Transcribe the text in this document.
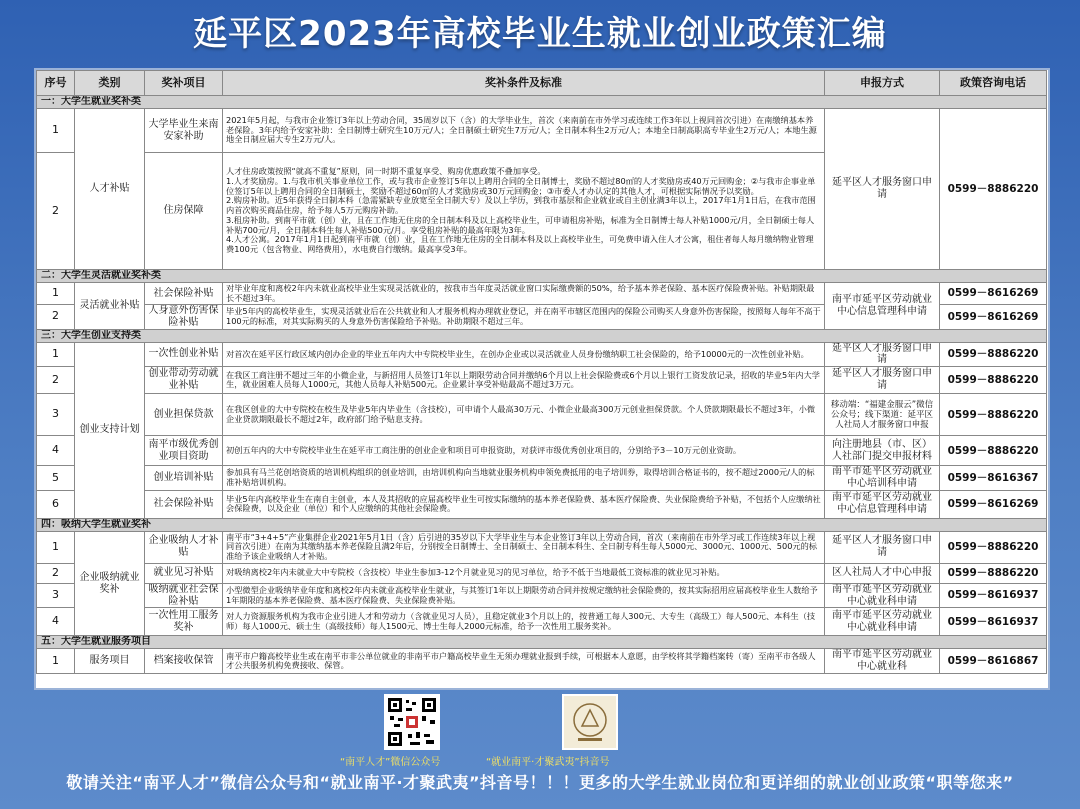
延平区2023年高校毕业生就业创业政策汇编
序号	类别	奖补项目	奖补条件及标准	申报方式	政策咨询电话
一：大学生就业奖补类					
1	人才补贴	大学毕业生来南安家补助	2021年5月起，与我市企业签订3年以上劳动合同，35周岁以下（含）的大学毕业生，首次（来南前在市外学习或连续工作3年以上视同首次引进）在南缴纳基本养老保险。3年内给予安家补助：全日制博士研究生10万元/人；全日制硕士研究生7万元/人；全日制本科生2万元/人；本地全日制高职高专毕业生2万元/人；本地生源地全日制应届大专生2万元/人。	延平区人才服务窗口申请	0599－8886220
2		住房保障	人才住房政策按照“就高不重复”原则，同一时期不重复享受、购房优惠政策不叠加享受。
1.人才奖励房。1.与我市机关事业单位工作，或与我市企业签订5年以上聘用合同的全日制博士，奖励不超过80㎡的人才奖励房或40万元回购金；②与我市企事业单位签订5年以上聘用合同的全日制硕士，奖励不超过60㎡的人才奖励房或30万元回购金；③市委人才办认定的其他人才，可根据实际情况予以奖励。
2.购房补助。近5年获得全日制本科（急需紧缺专业放宽至全日制大专）及以上学历，到我市基层和企业就业或自主创业满3年以上，2017年1月1日后，在我市范围内首次购买商品住房，给予每人5万元购房补助。
3.租房补助。到南平市就（创）业，且在工作地无住房的全日制本科及以上高校毕业生，可申请租房补贴，标准为全日制博士每人补贴1000元/月，全日制硕士每人补贴700元/月，全日制本科生每人补贴500元/月。享受租房补贴的最高年限为3年。
4.人才公寓。2017年1月1日起到南平市就（创）业，且在工作地无住房的全日制本科及以上高校毕业生，可免费申请入住人才公寓，租住者每人每月缴纳物业管理费100元（包含物业、网络费用），水电费自行缴纳。最高享受3年。		
二：大学生灵活就业奖补类					
1	灵活就业补贴	社会保险补贴	对毕业年度和离校2年内未就业高校毕业生实现灵活就业的，按我市当年度灵活就业窗口实际缴费额的50%，给予基本养老保险、基本医疗保险费补贴。补贴期限最长不超过3年。	南平市延平区劳动就业中心信息管理科申请	0599－8616269
2		人身意外伤害保险补贴	毕业5年内的高校毕业生，实现灵活就业后在公共就业和人才服务机构办理就业登记，并在南平市辖区范围内的保险公司购买人身意外伤害保险，按照每人每年不高于100元的标准，对其实际购买的人身意外伤害保险给予补贴。补助期限不超过三年。		0599－8616269
三：大学生创业支持类					
1	创业支持计划	一次性创业补贴	对首次在延平区行政区域内创办企业的毕业五年内大中专院校毕业生，在创办企业或以灵活就业人员身份缴纳职工社会保险的，给予10000元的一次性创业补贴。	延平区人才服务窗口申请	0599－8886220
2		创业带动劳动就业补贴	在我区工商注册不超过三年的小微企业，与新招用人员签订1年以上期限劳动合同并缴纳6个月以上社会保险费或6个月以上银行工资发放记录，招收的毕业5年内大学生，就业困难人员每人1000元，其他人员每人补贴500元。企业累计享受补贴最高不超过3万元。	延平区人才服务窗口申请	0599－8886220
3		创业担保贷款	在我区创业的大中专院校在校生及毕业5年内毕业生（含技校），可申请个人最高30万元、小微企业最高300万元创业担保贷款。个人贷款期限最长不超过3年，小微企业贷款期限最长不超过2年，政府部门给予贴息支持。	移动端：“福建金服云”微信公众号；线下渠道：延平区人社局人才服务窗口申报	0599－8886220
4		南平市级优秀创业项目资助	初创五年内的大中专院校毕业生在延平市工商注册的创业企业和项目可申报资助，对获评市级优秀创业项目的，分别给予3－10万元创业资助。	向注册地县（市、区）人社部门提交申报材料	0599－8886220
5		创业培训补贴	参加具有马兰花创培资质的培训机构组织的创业培训，由培训机构向当地就业服务机构申领免费抵用的电子培训券，取得培训合格证书的，按不超过2000元/人的标准补贴培训机构。	南平市延平区劳动就业中心培训科申请	0599－8616367
6		社会保险补贴	毕业5年内高校毕业生在南自主创业，本人及其招收的应届高校毕业生可按实际缴纳的基本养老保险费、基本医疗保险费、失业保险费给予补贴，不包括个人应缴纳社会保险费，以及企业（单位）和个人应缴纳的其他社会保险费。	南平市延平区劳动就业中心信息管理科申请	0599－8616269
四：吸纳大学生就业奖补					
1	企业吸纳就业奖补	企业吸纳人才补贴	南平市“3+4+5”产业集群企业2021年5月1日（含）后引进的35岁以下大学毕业生与本企业签订3年以上劳动合同，首次（来南前在市外学习或工作连续3年以上视同首次引进）在南为其缴纳基本养老保险且满2年后，分别按全日制博士、全日制硕士、全日制本科生、全日制专科生每人5000元、3000元、1000元、500元的标准给予该企业吸纳人才补贴。	延平区人才服务窗口申请	0599－8886220
2		就业见习补贴	对吸纳离校2年内未就业大中专院校（含技校）毕业生参加3-12个月就业见习的见习单位，给予不低于当地最低工资标准的就业见习补贴。	区人社局人才中心申报	0599－8886220
3		吸纳就业社会保险补贴	小型微型企业吸纳毕业年度和离校2年内未就业高校毕业生就业，与其签订1年以上期限劳动合同并按规定缴纳社会保险费的，按其实际招用应届高校毕业生人数给予1年期限的基本养老保险费、基本医疗保险费、失业保险费补贴。	南平市延平区劳动就业中心就业科申请	0599－8616937
4		一次性用工服务奖补	对人力资源服务机构为我市企业引进人才和劳动力（含就业见习人员），且稳定就业3个月以上的，按普通工每人300元、大专生（高级工）每人500元、本科生（技师）每人1000元、硕士生（高级技师）每人1500元、博士生每人2000元标准，给予一次性用工服务奖补。	南平市延平区劳动就业中心就业科申请	0599－8616937
五：大学生就业服务项目					
1	服务项目	档案接收保管	南平市户籍高校毕业生或在南平市非公单位就业的非南平市户籍高校毕业生无须办理就业报到手续，可根据本人意愿，由学校将其学籍档案转（寄）至南平市各级人才公共服务机构免费接收、保管。	南平市延平区劳动就业中心就业科	0599－8616867
“南平人才”微信公众号	“就业南平·才聚武夷”抖音号
敬请关注“南平人才”微信公众号和“就业南平·才聚武夷”抖音号！！！更多的大学生就业岗位和更详细的就业创业政策“职等您来”
